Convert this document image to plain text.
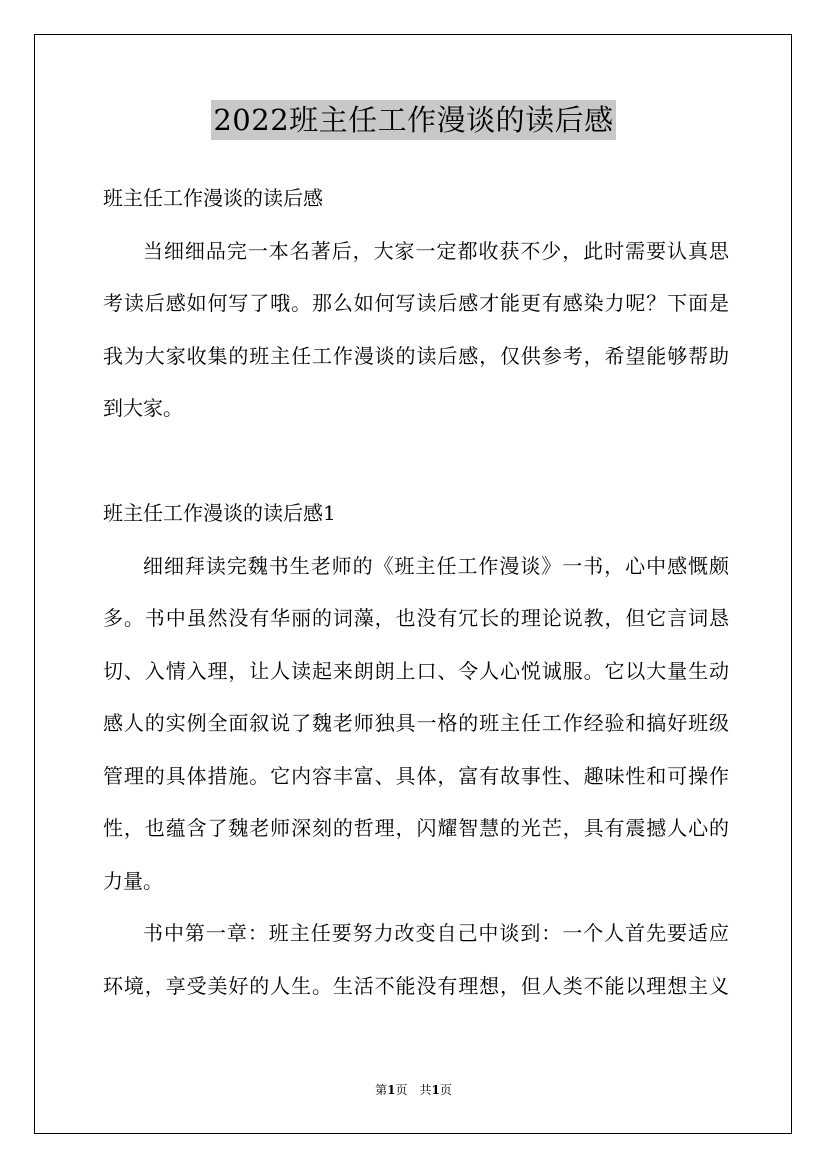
2022班主任工作漫谈的读后感
班主任工作漫谈的读后感
当细细品完一本名著后，大家一定都收获不少，此时需要认真思
考读后感如何写了哦。那么如何写读后感才能更有感染力呢？下面是
我为大家收集的班主任工作漫谈的读后感，仅供参考，希望能够帮助
到大家。
班主任工作漫谈的读后感1
细细拜读完魏书生老师的《班主任工作漫谈》一书，心中感慨颇
多。书中虽然没有华丽的词藻，也没有冗长的理论说教，但它言词恳
切、入情入理，让人读起来朗朗上口、令人心悦诚服。它以大量生动
感人的实例全面叙说了魏老师独具一格的班主任工作经验和搞好班级
管理的具体措施。它内容丰富、具体，富有故事性、趣味性和可操作
性，也蕴含了魏老师深刻的哲理，闪耀智慧的光芒，具有震撼人心的
力量。
书中第一章：班主任要努力改变自己中谈到：一个人首先要适应
环境，享受美好的人生。生活不能没有理想，但人类不能以理想主义
第1页　共1页
